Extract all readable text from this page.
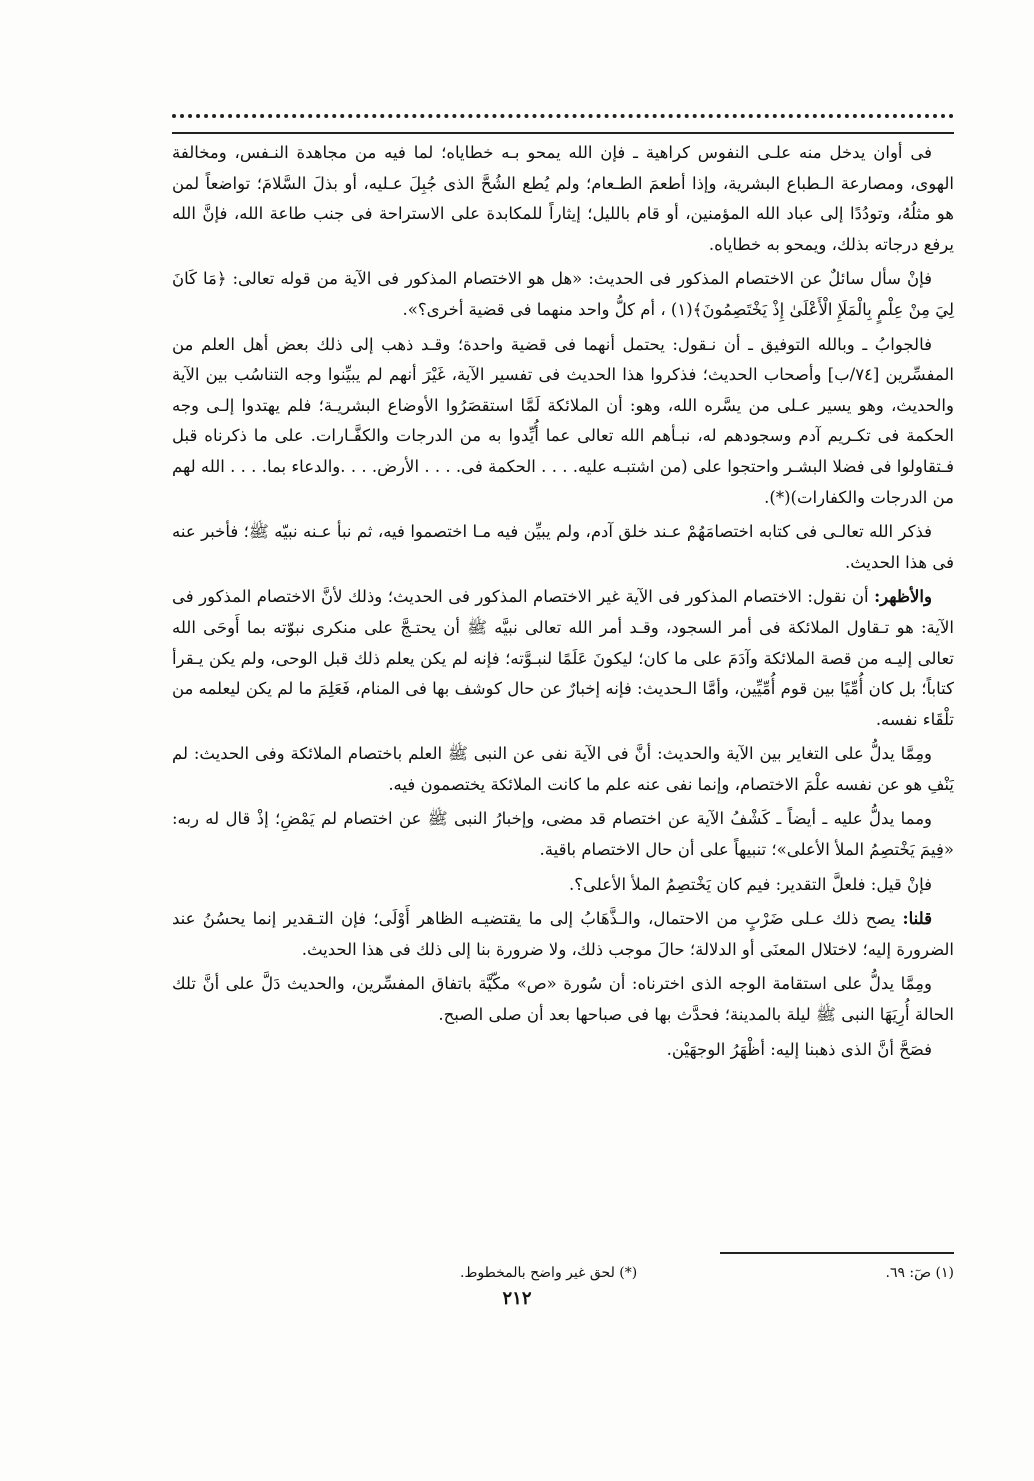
فى أوان يدخل منه علـى النفوس كراهية ـ فإن الله يمحو بـه خطاياه؛ لما فيه من مجاهدة النـفس، ومخالفة الهوى، ومصارعة الـطباع البشرية، وإذا أطعمَ الطـعام؛ ولم يُطع الشُحَّ الذى جُبِلَ عـليه، أو بذلَ السَّلامَ؛ تواضعاً لمن هو مثلُهُ، وتودُدًا إلى عباد الله المؤمنين، أو قام بالليل؛ إيثاراً للمكابدة على الاستراحة فى جنب طاعة الله، فإنَّ الله يرفع درجاته بذلك، ويمحو به خطاياه.

فإنْ سأل سائلٌ عن الاختصام المذكور فى الحديث: «هل هو الاختصام المذكور فى الآية من قوله تعالى: ﴿مَا كَانَ لِيَ مِنْ عِلْمٍ بِالْمَلَإِ الْأَعْلَىٰ إِذْ يَخْتَصِمُونَ﴾(١) ، أم كلُّ واحد منهما فى قضية أخرى؟».

فالجوابُ ـ وبالله التوفيق ـ أن نـقول: يحتمل أنهما فى قضية واحدة؛ وقـد ذهب إلى ذلك بعض أهل العلم من المفسِّرين [٧٤/ب] وأصحاب الحديث؛ فذكروا هذا الحديث فى تفسير الآية، غَيْرَ أنهم لم يبيِّنوا وجه التناسُب بين الآية والحديث، وهو يسير عـلى من يسَّره الله، وهو: أن الملائكة لَمَّا استقصَرُوا الأوضاع البشريـة؛ فلم يهتدوا إلـى وجه الحكمة فى تكـريم آدم وسجودهم له، نبـأهم الله تعالى عما أُيِّدوا به من الدرجات والكفَّـارات. على ما ذكرناه قبل فـتقاولوا فى فضلا البشـر واحتجوا على (من اشتبـه عليه. . . . الحكمة فى. . . . الأرض. . . .والدعاء بما. . . . الله لهم من الدرجات والكفارات)(*).

فذكر الله تعالـى فى كتابه اختصامَهُمْ عـند خلق آدم، ولم يبيِّن فيه مـا اختصموا فيه، ثم نبأ عـنه نبيّه ﷺ؛ فأخبر عنه فى هذا الحديث.

والأظهر: أن نقول: الاختصام المذكور فى الآية غير الاختصام المذكور فى الحديث؛ وذلك لأنَّ الاختصام المذكور فى الآية: هو تـقاول الملائكة فى أمر السجود، وقـد أمر الله تعالى نبيَّه ﷺ أن يحتـجَّ على منكرى نبوّته بما أَوحَى الله تعالى إليـه من قصة الملائكة وآدَمَ على ما كان؛ ليكونَ عَلَمًا لنبـوَّته؛ فإنه لم يكن يعلم ذلك قبل الوحى، ولم يكن يـقرأ كتاباً؛ بل كان أُمِّيًا بين قوم أُمِّيِّين، وأمَّا الـحديث: فإنه إخبارٌ عن حال كوشف بها فى المنام، فَعَلِمَ ما لم يكن ليعلمه من تلْقَاء نفسه.

ومِمَّا يدلُّ على التغاير بين الآية والحديث: أنَّ فى الآية نفى عن النبى ﷺ العلم باختصام الملائكة وفى الحديث: لم يَنْفِ هو عن نفسه علْمَ الاختصام، وإنما نفى عنه علم ما كانت الملائكة يختصمون فيه.

ومما يدلُّ عليه ـ أيضاً ـ كَشْفُ الآية عن اختصام قد مضى، وإخبارُ النبى ﷺ عن اختصام لم يَمْضِ؛ إذْ قال له ربه: «فِيمَ يَخْتصِمُ الملأ الأعلى»؛ تنبيهاً على أن حال الاختصام باقية.

فإنْ قيل: فلعلَّ التقدير: فيم كان يَخْتصِمُ الملأ الأعلى؟.

قلنا: يصح ذلك عـلى ضَرْبٍ من الاحتمال، والـذَّهَابُ إلى ما يقتضيـه الظاهر أَوْلَى؛ فإن التـقدير إنما يحسُنُ عند الضرورة إليه؛ لاختلال المعنَى أو الدلالة؛ حالَ موجب ذلك، ولا ضرورة بنا إلى ذلك فى هذا الحديث.

ومِمَّا يدلُّ على استقامة الوجه الذى اخترناه: أن سُورة «ص» مكّيَّة باتفاق المفسِّرين، والحديث دَلَّ على أنَّ تلك الحالة أُرِيَهَا النبى ﷺ ليلة بالمدينة؛ فحدَّث بها فى صباحها بعد أن صلى الصبح.

فصَحَّ أنَّ الذى ذهبنا إليه: أظْهَرُ الوجهَيْن.

(١) صٓ: ٦٩.
(*) لحق غير واضح بالمخطوط.
٢١٢
